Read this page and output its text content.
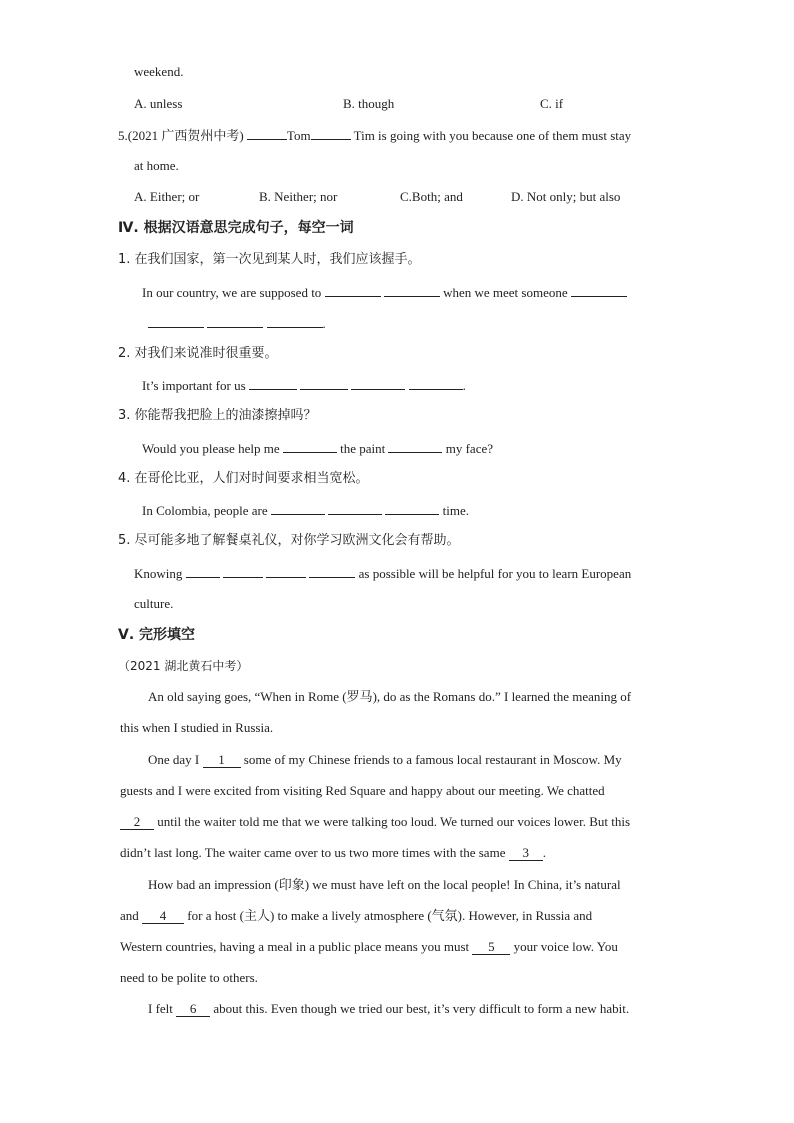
weekend.
A. unless	B. though	C. if
5.(2021 广西贺州中考)	Tom	Tim is going with you because one of them must stay
at home.
A. Either; or	B. Neither; nor	C.Both; and	D. Not only; but also
Ⅳ. 根据汉语意思完成句子，每空一词
1. 在我们国家，第一次见到某人时，我们应该握手。
In our country, we are supposed to	when we meet someone
.
2. 对我们来说准时很重要。
It’s important for us	.
3. 你能帮我把脸上的油漆擦掉吗？
Would you please help me	the paint	my face?
4. 在哥伦比亚，人们对时间要求相当宽松。
In Colombia, people are	time.
5. 尽可能多地了解餐桌礼仪，对你学习欧洲文化会有帮助。
Knowing	as possible will be helpful for you to learn European
culture.
Ⅴ. 完形填空
（2021 湖北黄石中考）
An old saying goes, “When in Rome (罗马), do as the Romans do.” I learned the meaning of
this when I studied in Russia.
One day I 1 some of my Chinese friends to a famous local restaurant in Moscow. My
guests and I were excited from visiting Red Square and happy about our meeting. We chatted
2 until the waiter told me that we were talking too loud. We turned our voices lower. But this
didn’t last long. The waiter came over to us two more times with the same 3 .
How bad an impression (印象) we must have left on the local people! In China, it’s natural
and 4 for a host (主人) to make a lively atmosphere (气氛). However, in Russia and
Western countries, having a meal in a public place means you must 5 your voice low. You
need to be polite to others.
I felt 6 about this. Even though we tried our best, it’s very difficult to form a new habit.
